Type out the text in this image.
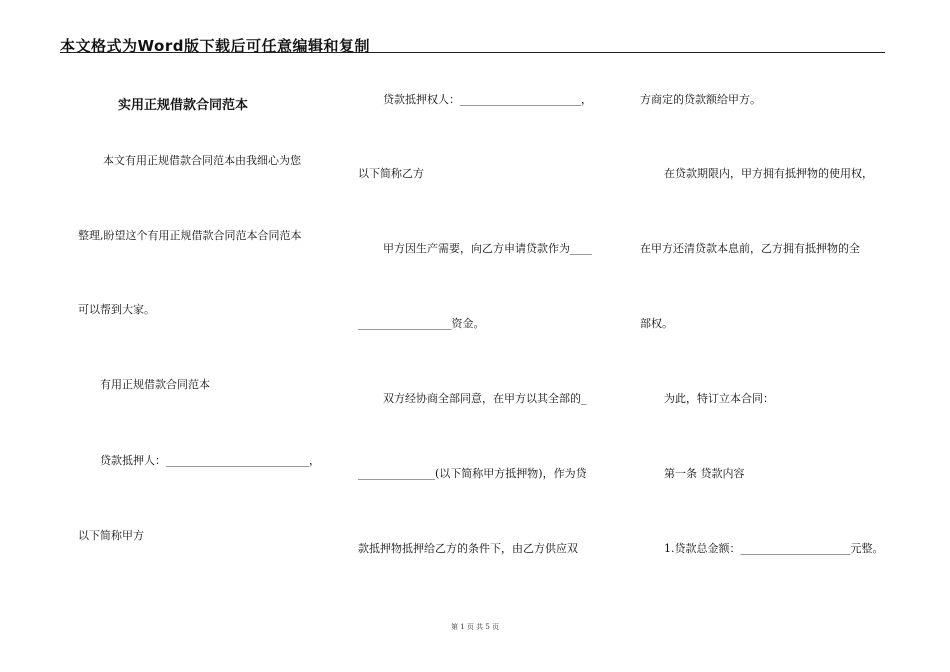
本文格式为Word版下载后可任意编辑和复制
实用正规借款合同范本
本文有用正规借款合同范本由我细心为您
整理,盼望这个有用正规借款合同范本合同范本
可以帮到大家。
有用正规借款合同范本
贷款抵押人：__________________________，
以下简称甲方
贷款抵押权人：______________________，
以下简称乙方
甲方因生产需要，向乙方申请贷款作为____
_________________资金。
双方经协商全部同意，在甲方以其全部的_
______________(以下简称甲方抵押物)，作为贷
款抵押物抵押给乙方的条件下，由乙方供应双
方商定的贷款额给甲方。
在贷款期限内，甲方拥有抵押物的使用权，
在甲方还清贷款本息前，乙方拥有抵押物的全
部权。
为此，特订立本合同：
第一条 贷款内容
1.贷款总金额：____________________元整。
第 1 页 共 5 页
